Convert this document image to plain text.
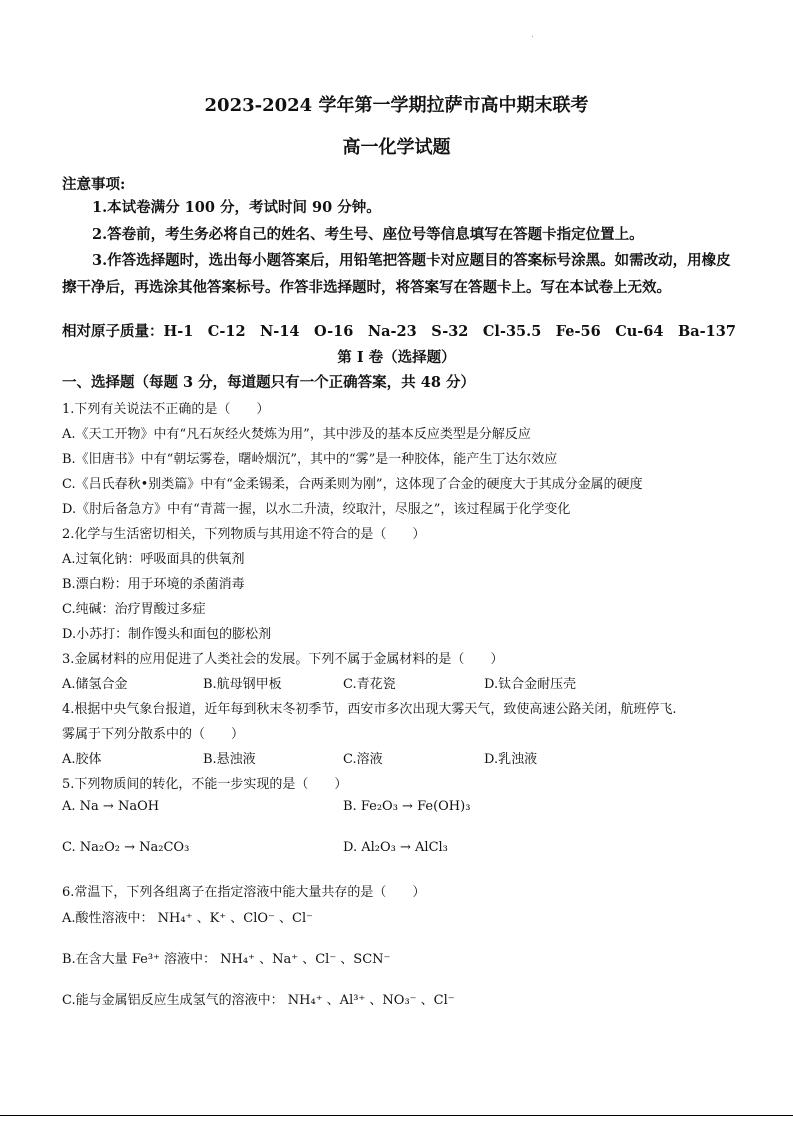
2023-2024 学年第一学期拉萨市高中期末联考
高一化学试题
注意事项:
1.本试卷满分 100 分，考试时间 90 分钟。
2.答卷前，考生务必将自己的姓名、考生号、座位号等信息填写在答题卡指定位置上。
3.作答选择题时，选出每小题答案后，用铅笔把答题卡对应题目的答案标号涂黑。如需改动，用橡皮擦干净后，再选涂其他答案标号。作答非选择题时，将答案写在答题卡上。写在本试卷上无效。
相对原子质量：H-1　C-12　N-14　O-16　Na-23　S-32　Cl-35.5　Fe-56　Cu-64　Ba-137
第 Ⅰ 卷（选择题）
一、选择题（每题 3 分，每道题只有一个正确答案，共 48 分）
1.下列有关说法不正确的是（　　）
A.《天工开物》中有“凡石灰经火焚炼为用”，其中涉及的基本反应类型是分解反应
B.《旧唐书》中有“朝坛雾卷，曙岭烟沉”，其中的“雾”是一种胶体，能产生丁达尔效应
C.《吕氏春秋•别类篇》中有“金柔锡柔，合两柔则为刚”，这体现了合金的硬度大于其成分金属的硬度
D.《肘后备急方》中有“青蒿一握，以水二升渍，绞取汁，尽服之”，该过程属于化学变化
2.化学与生活密切相关，下列物质与其用途不符合的是（　　）
A.过氧化钠：呼吸面具的供氧剂
B.漂白粉：用于环境的杀菌消毒
C.纯碱：治疗胃酸过多症
D.小苏打：制作馒头和面包的膨松剂
3.金属材料的应用促进了人类社会的发展。下列不属于金属材料的是（　　）
A.储氢合金	B.航母钢甲板	C.青花瓷	D.钛合金耐压壳
4.根据中央气象台报道，近年每到秋末冬初季节，西安市多次出现大雾天气，致使高速公路关闭，航班停飞.
雾属于下列分散系中的（　　）
A.胶体	B.悬浊液	C.溶液	D.乳浊液
5.下列物质间的转化，不能一步实现的是（　　）
A. Na → NaOH	B. Fe₂O₃ → Fe(OH)₃
C. Na₂O₂ → Na₂CO₃	D. Al₂O₃ → AlCl₃
6.常温下，下列各组离子在指定溶液中能大量共存的是（　　）
A.酸性溶液中： NH₄⁺ 、K⁺ 、ClO⁻ 、Cl⁻
B.在含大量 Fe³⁺ 溶液中： NH₄⁺ 、Na⁺ 、Cl⁻ 、SCN⁻
C.能与金属铝反应生成氢气的溶液中： NH₄⁺ 、Al³⁺ 、NO₃⁻ 、Cl⁻
